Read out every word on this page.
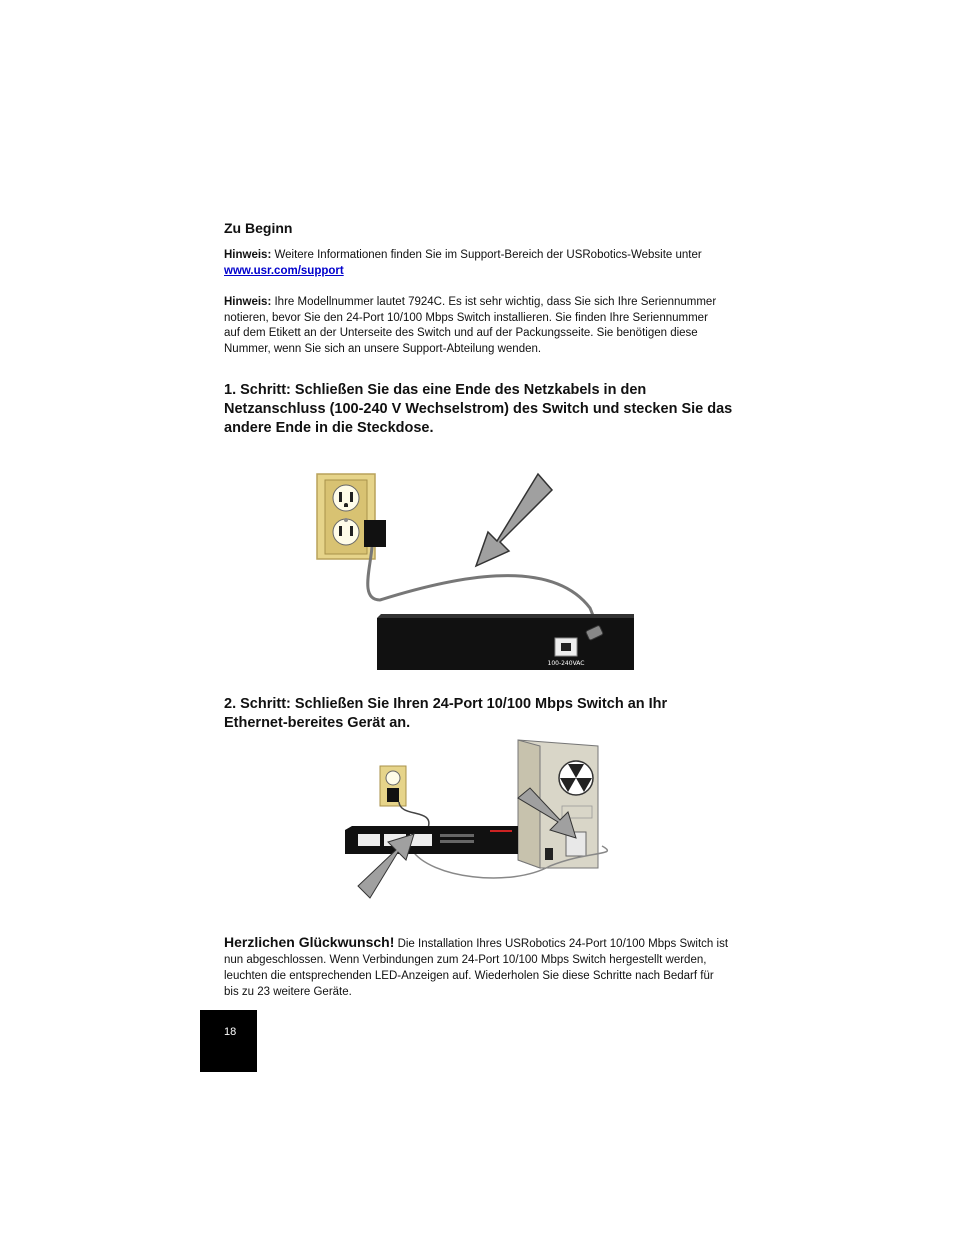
Zu Beginn

Hinweis: Weitere Informationen finden Sie im Support-Bereich der USRobotics-Website unter
www.usr.com/support

Hinweis: Ihre Modellnummer lautet 7924C. Es ist sehr wichtig, dass Sie sich Ihre Seriennummer notieren, bevor Sie den 24-Port 10/100 Mbps Switch installieren. Sie finden Ihre Seriennummer auf dem Etikett an der Unterseite des Switch und auf der Packungsseite. Sie benötigen diese Nummer, wenn Sie sich an unsere Support-Abteilung wenden.

1. Schritt: Schließen Sie das eine Ende des Netzkabels in den Netzanschluss (100-240 V Wechselstrom) des Switch und stecken Sie das andere Ende in die Steckdose.
100-240VAC
2. Schritt: Schließen Sie Ihren 24-Port 10/100 Mbps Switch an Ihr Ethernet-bereites Gerät an.

Herzlichen Glückwunsch! Die Installation Ihres USRobotics 24-Port 10/100 Mbps Switch ist nun abgeschlossen. Wenn Verbindungen zum 24-Port 10/100 Mbps Switch hergestellt werden, leuchten die entsprechenden LED-Anzeigen auf. Wiederholen Sie diese Schritte nach Bedarf für bis zu 23 weitere Geräte.

18
